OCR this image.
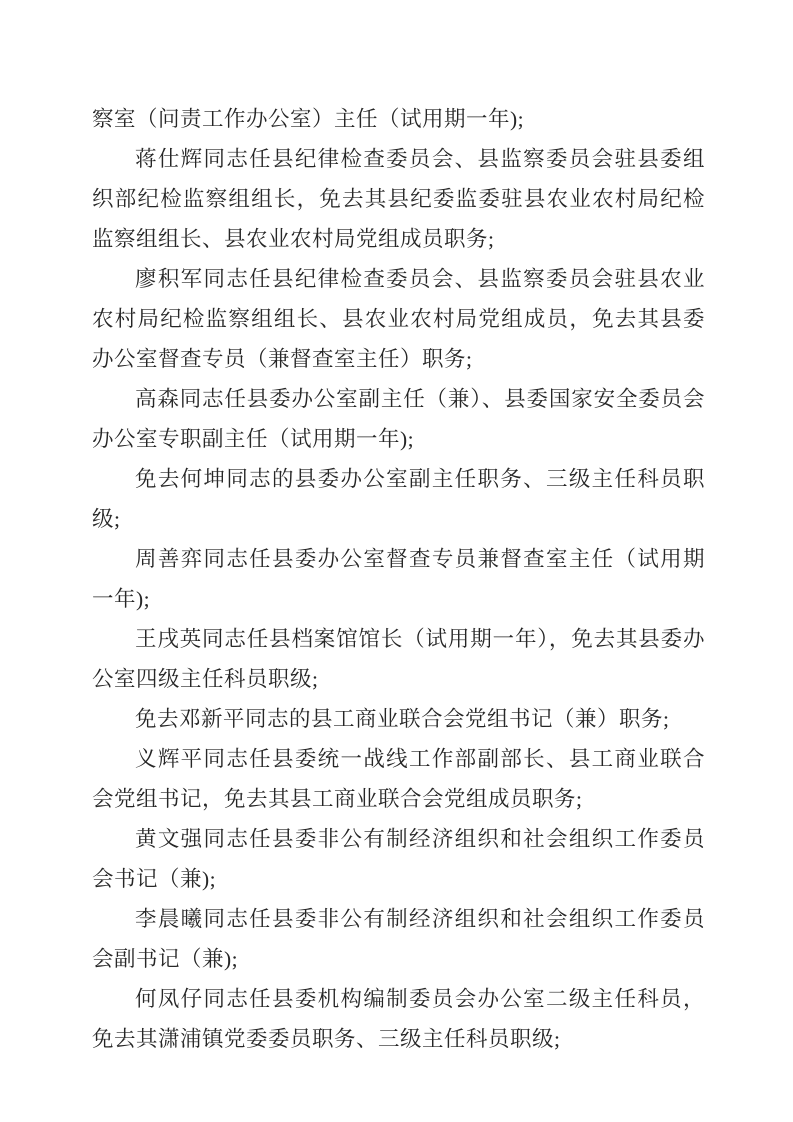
察室（问责工作办公室）主任（试用期一年);

蒋仕辉同志任县纪律检查委员会、县监察委员会驻县委组织部纪检监察组组长，免去其县纪委监委驻县农业农村局纪检监察组组长、县农业农村局党组成员职务;

廖积军同志任县纪律检查委员会、县监察委员会驻县农业农村局纪检监察组组长、县农业农村局党组成员，免去其县委办公室督查专员（兼督查室主任）职务;

高森同志任县委办公室副主任（兼）、县委国家安全委员会办公室专职副主任（试用期一年);

免去何坤同志的县委办公室副主任职务、三级主任科员职级;

周善弈同志任县委办公室督查专员兼督查室主任（试用期一年);

王戌英同志任县档案馆馆长（试用期一年），免去其县委办公室四级主任科员职级;

免去邓新平同志的县工商业联合会党组书记（兼）职务;

义辉平同志任县委统一战线工作部副部长、县工商业联合会党组书记，免去其县工商业联合会党组成员职务;

黄文强同志任县委非公有制经济组织和社会组织工作委员会书记（兼);

李晨曦同志任县委非公有制经济组织和社会组织工作委员会副书记（兼);

何凤仔同志任县委机构编制委员会办公室二级主任科员，免去其潇浦镇党委委员职务、三级主任科员职级;
